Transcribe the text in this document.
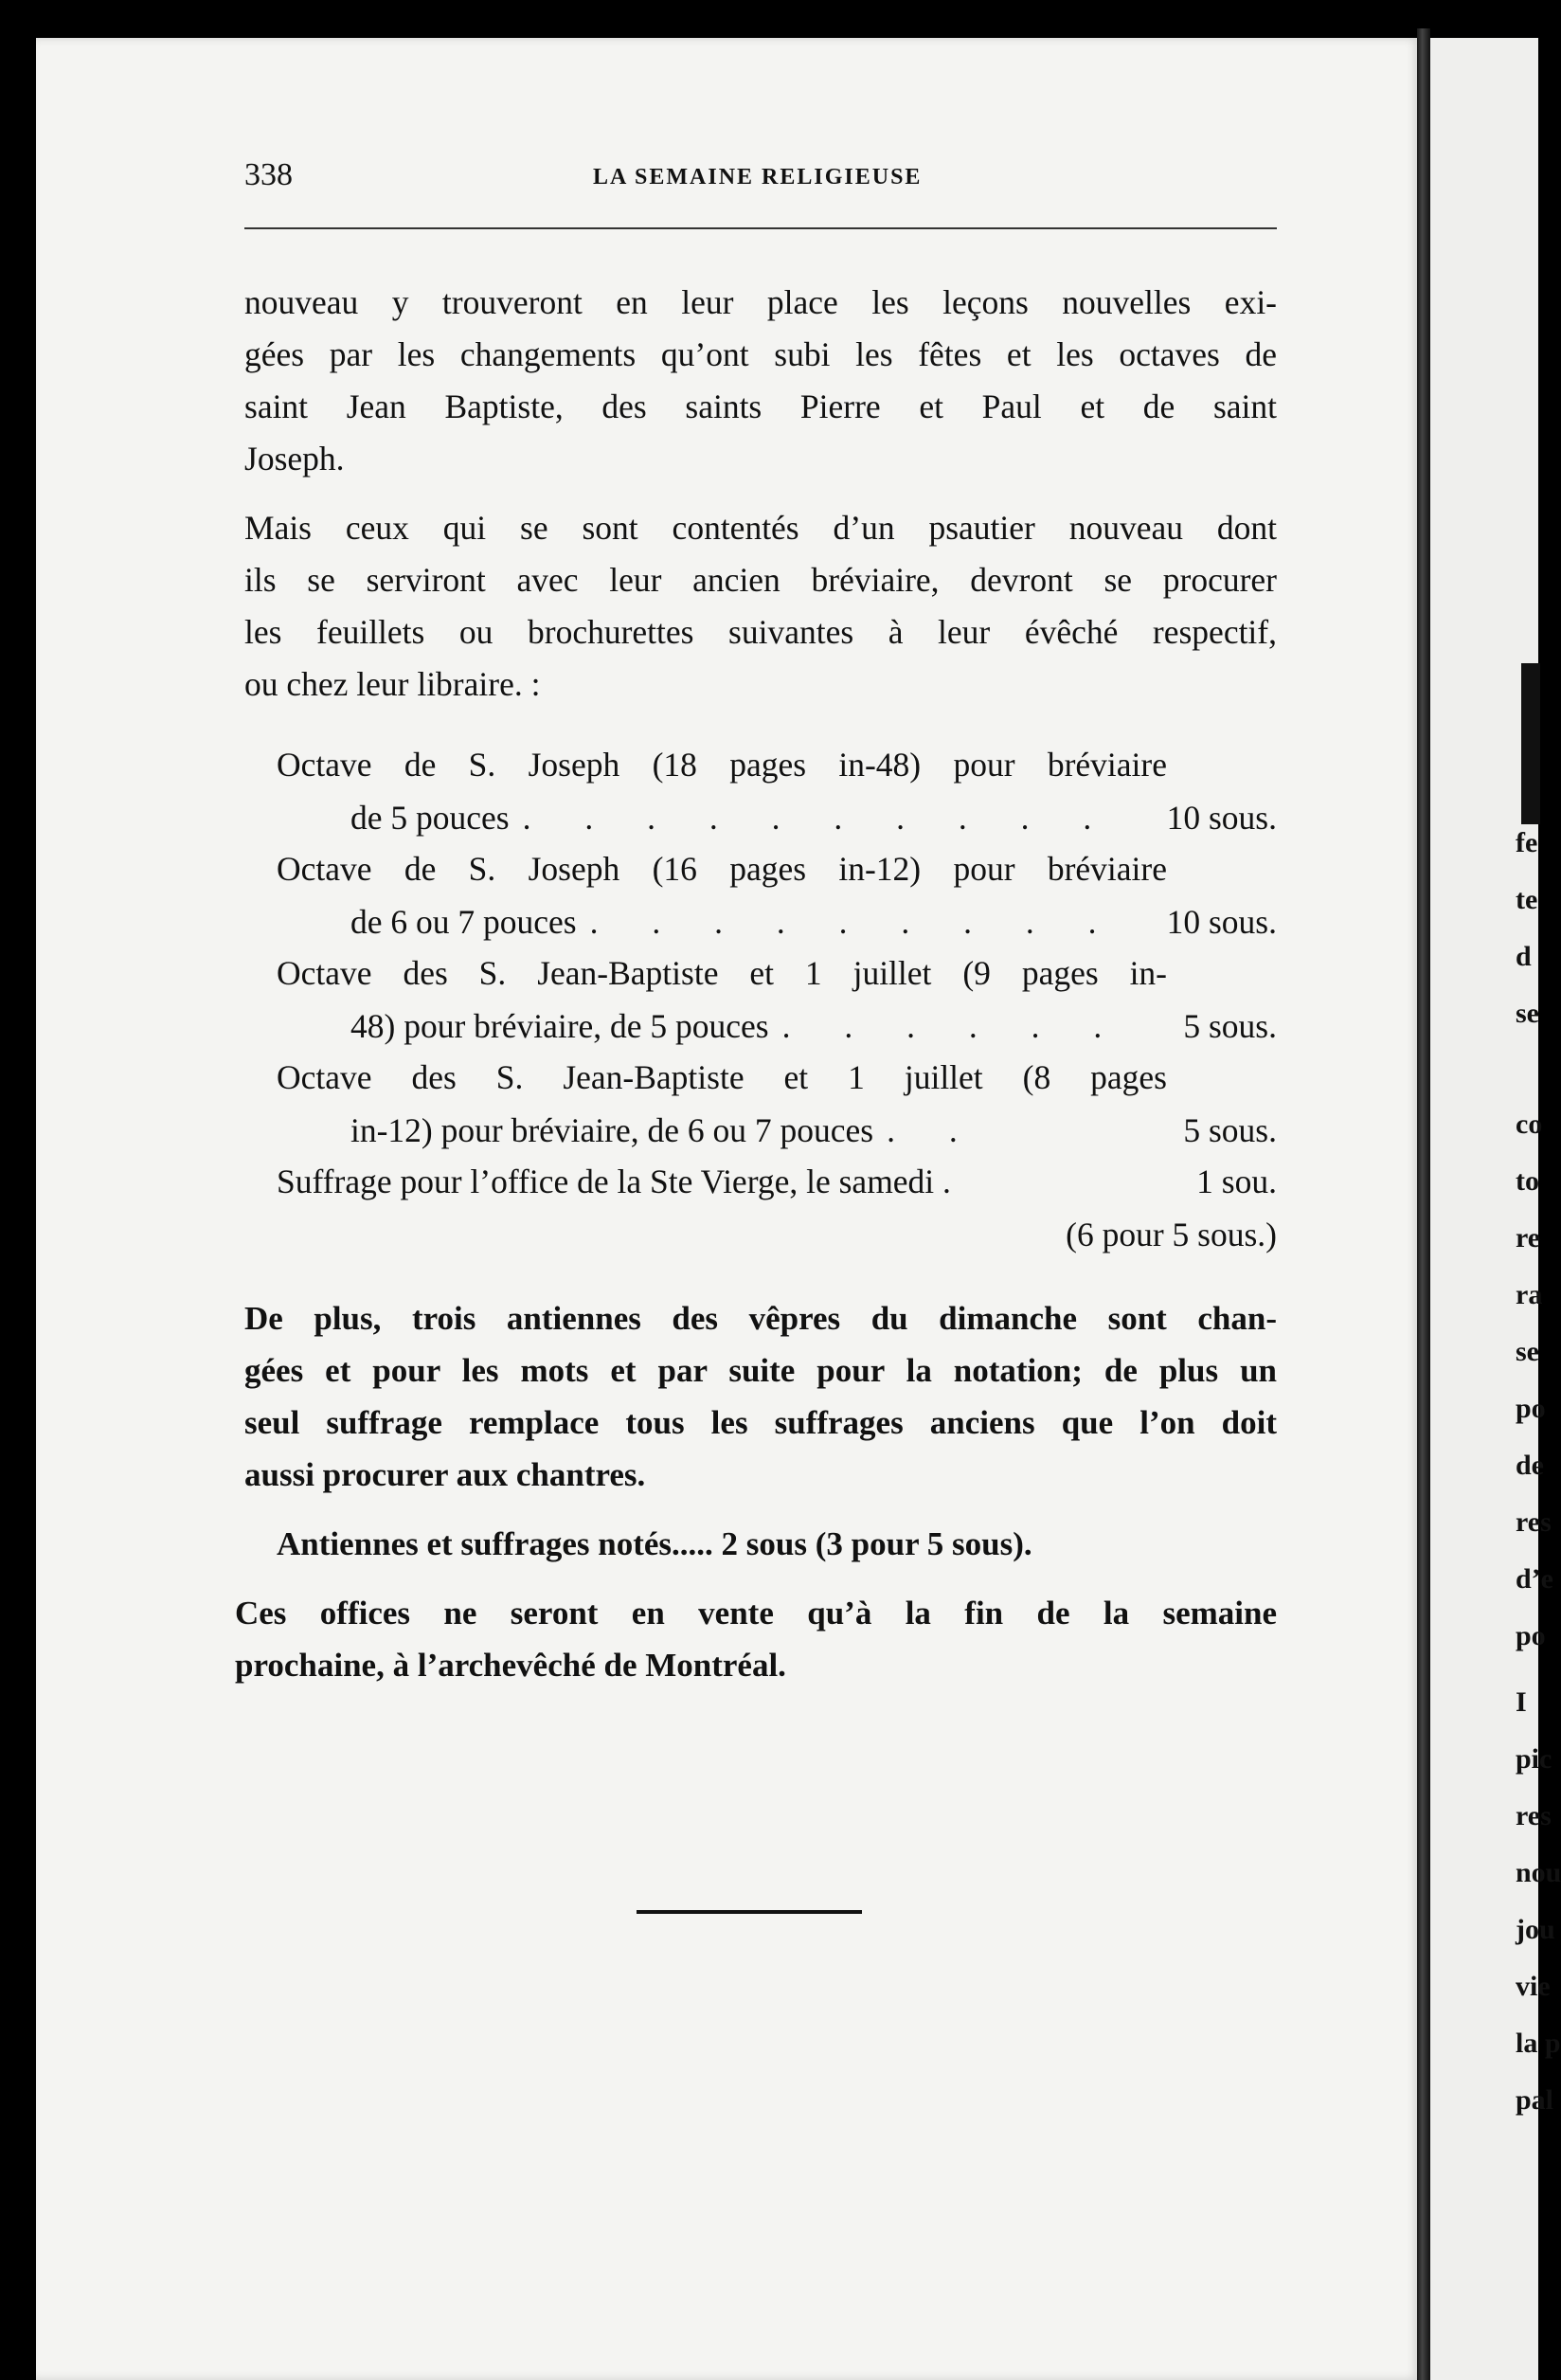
fe
te
d
se
co
to
re
ra
se
po
de
res
d’e
po
I
pic
res
nou
jou
vie
la p
pal
338	LA SEMAINE RELIGIEUSE

nouveau y trouveront en leur place les leçons nouvelles exi-
gées par les changements qu’ont subi les fêtes et les octaves de
saint Jean Baptiste, des saints Pierre et Paul et de saint
Joseph.

Mais ceux qui se sont contentés d’un psautier nouveau dont
ils se serviront avec leur ancien bréviaire, devront se procurer
les feuillets ou brochurettes suivantes à leur évêché respectif,
ou chez leur libraire. :

Octave de S. Joseph (18 pages in-48) pour bréviaire
de 5 pouces . . . . . . . . . . 10 sous.
Octave de S. Joseph (16 pages in-12) pour bréviaire
de 6 ou 7 pouces . . . . . . . . . 10 sous.
Octave des S. Jean-Baptiste et 1 juillet (9 pages in-
48) pour bréviaire, de 5 pouces . . . . . . 5 sous.
Octave des S. Jean-Baptiste et 1 juillet (8 pages
in-12) pour bréviaire, de 6 ou 7 pouces . .	5 sous.
Suffrage pour l’office de la Ste Vierge, le samedi .	1 sou.
(6 pour 5 sous.)

De plus, trois antiennes des vêpres du dimanche sont chan-
gées et pour les mots et par suite pour la notation; de plus un
seul suffrage remplace tous les suffrages anciens que l’on doit
aussi procurer aux chantres.

Antiennes et suffrages notés..... 2 sous (3 pour 5 sous).

Ces offices ne seront en vente qu’à la fin de la semaine
prochaine, à l’archevêché de Montréal.
